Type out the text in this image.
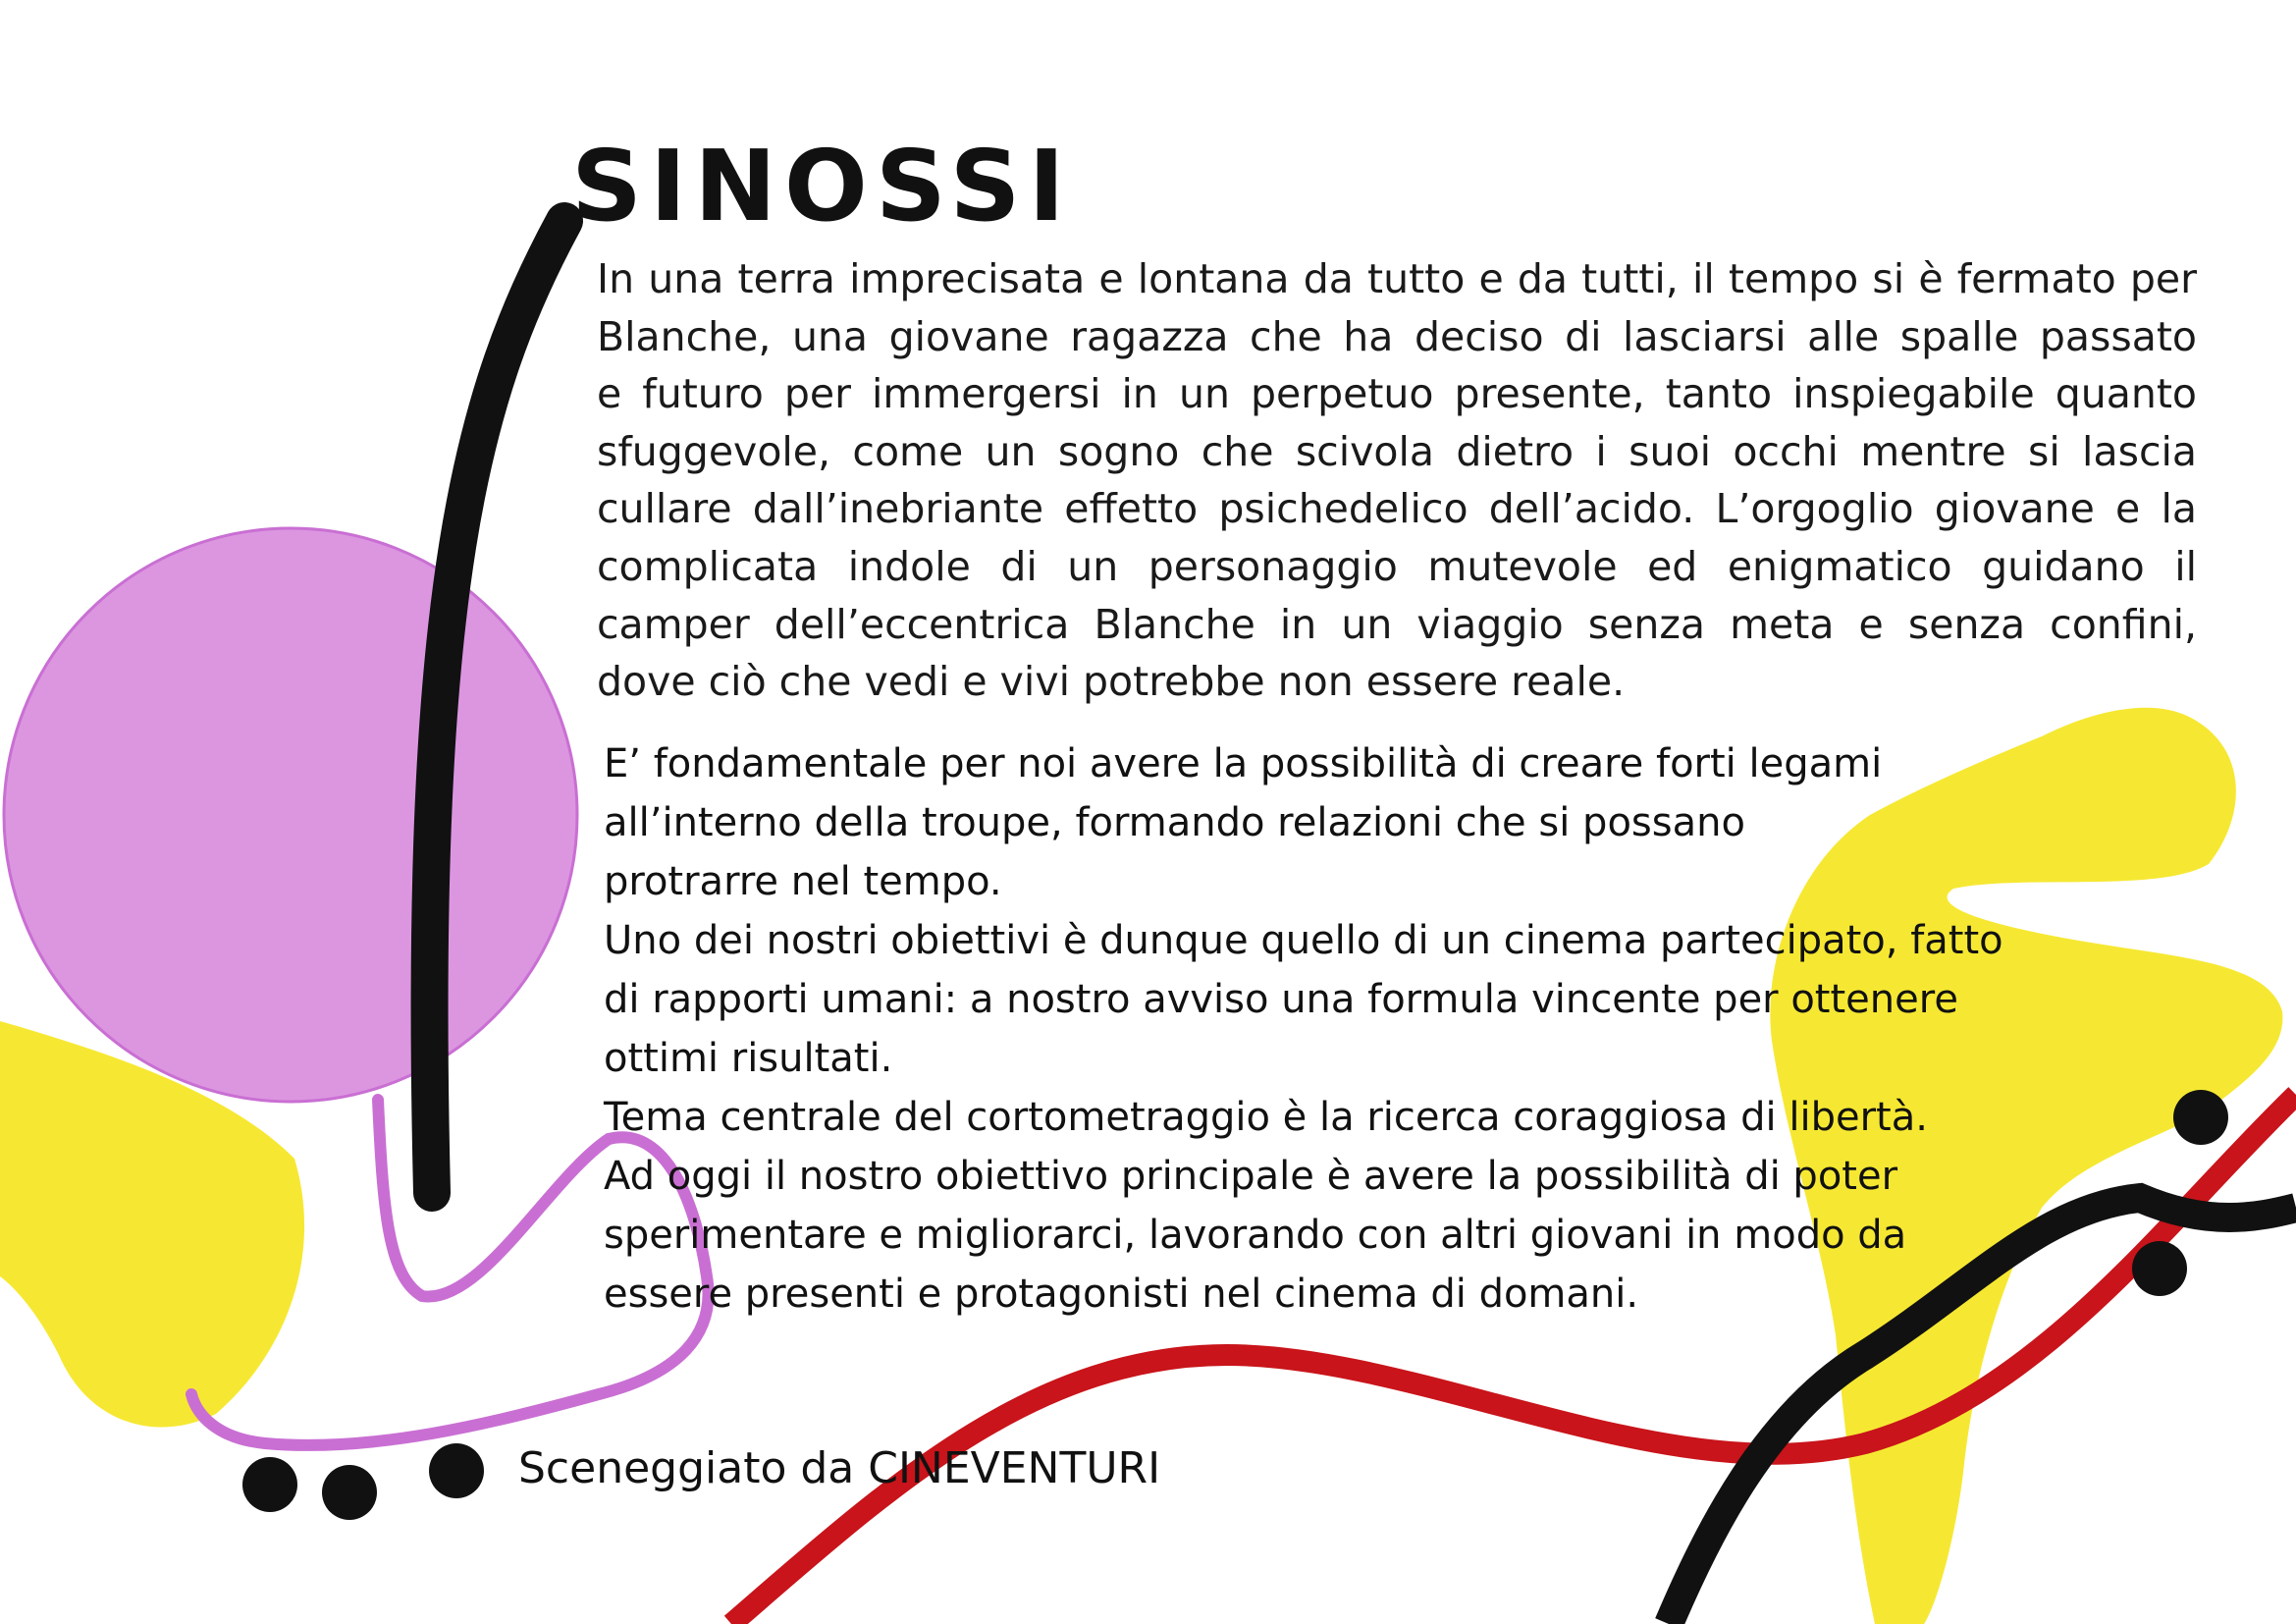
SINOSSI
In una terra imprecisata e lontana da tutto e da tutti, il tempo si è fermato per
Blanche, una giovane ragazza che ha deciso di lasciarsi alle spalle passato
e futuro per immergersi in un perpetuo presente, tanto inspiegabile quanto
sfuggevole, come un sogno che scivola dietro i suoi occhi mentre si lascia
cullare dall’inebriante effetto psichedelico dell’acido. L’orgoglio giovane e la
complicata indole di un personaggio mutevole ed enigmatico guidano il
camper dell’eccentrica Blanche in un viaggio senza meta e senza confini,
dove ciò che vedi e vivi potrebbe non essere reale.
E’ fondamentale per noi avere la possibilità di creare forti legami
all’interno della troupe, formando relazioni che si possano
protrarre nel tempo.
Uno dei nostri obiettivi è dunque quello di un cinema partecipato, fatto
di rapporti umani: a nostro avviso una formula vincente per ottenere
ottimi risultati.
Tema centrale del cortometraggio è la ricerca coraggiosa di libertà.
Ad oggi il nostro obiettivo principale è avere la possibilità di poter
sperimentare e migliorarci, lavorando con altri giovani in modo da
essere presenti e protagonisti nel cinema di domani.

Sceneggiato da CINEVENTURI
